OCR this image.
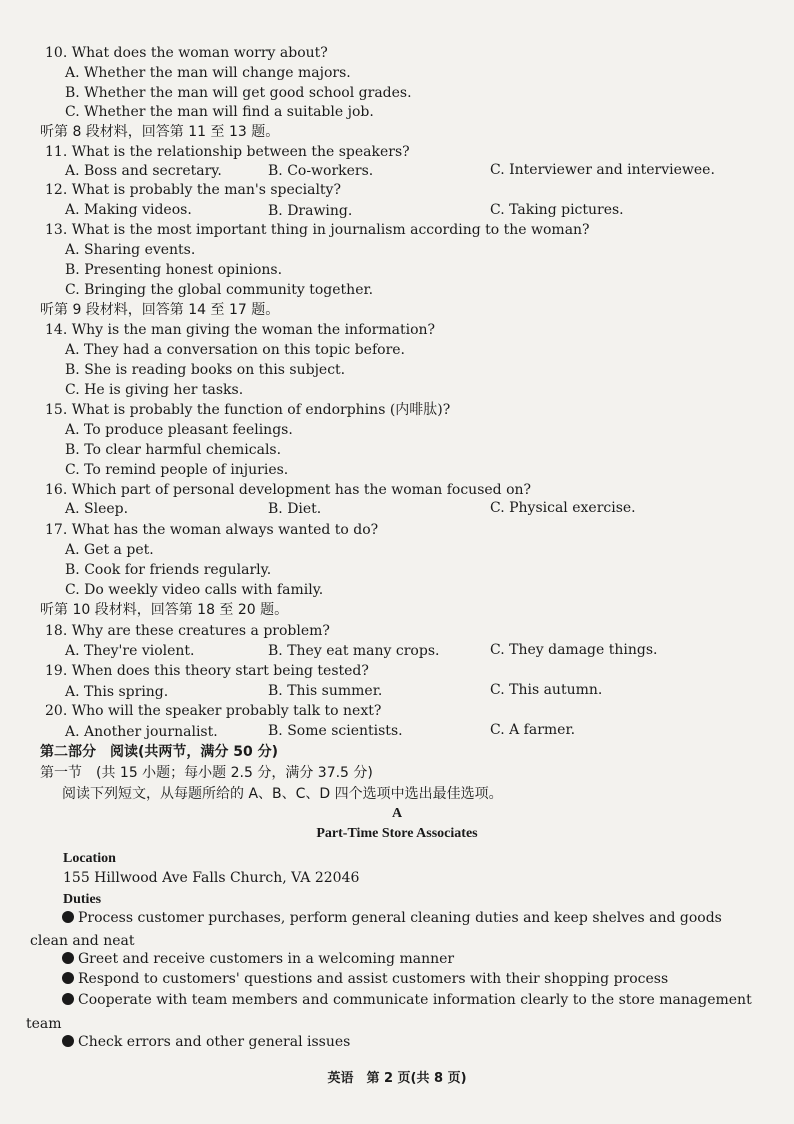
10. What does the woman worry about?
A. Whether the man will change majors.
B. Whether the man will get good school grades.
C. Whether the man will find a suitable job.
听第 8 段材料，回答第 11 至 13 题。
11. What is the relationship between the speakers?
A. Boss and secretary.	B. Co-workers.	C. Interviewer and interviewee.
12. What is probably the man's specialty?
A. Making videos.	B. Drawing.	C. Taking pictures.
13. What is the most important thing in journalism according to the woman?
A. Sharing events.
B. Presenting honest opinions.
C. Bringing the global community together.
听第 9 段材料，回答第 14 至 17 题。
14. Why is the man giving the woman the information?
A. They had a conversation on this topic before.
B. She is reading books on this subject.
C. He is giving her tasks.
15. What is probably the function of endorphins (内啡肽)?
A. To produce pleasant feelings.
B. To clear harmful chemicals.
C. To remind people of injuries.
16. Which part of personal development has the woman focused on?
A. Sleep.	B. Diet.	C. Physical exercise.
17. What has the woman always wanted to do?
A. Get a pet.
B. Cook for friends regularly.
C. Do weekly video calls with family.
听第 10 段材料，回答第 18 至 20 题。
18. Why are these creatures a problem?
A. They're violent.	B. They eat many crops.	C. They damage things.
19. When does this theory start being tested?
A. This spring.	B. This summer.	C. This autumn.
20. Who will the speaker probably talk to next?
A. Another journalist.	B. Some scientists.	C. A farmer.
第二部分　阅读(共两节，满分 50 分)
第一节　(共 15 小题；每小题 2.5 分，满分 37.5 分)
阅读下列短文，从每题所给的 A、B、C、D 四个选项中选出最佳选项。
A
Part-Time Store Associates
Location
155 Hillwood Ave Falls Church, VA 22046
Duties
Process customer purchases, perform general cleaning duties and keep shelves and goods
clean and neat
Greet and receive customers in a welcoming manner
Respond to customers' questions and assist customers with their shopping process
Cooperate with team members and communicate information clearly to the store management
team
Check errors and other general issues
英语　第 2 页(共 8 页)
